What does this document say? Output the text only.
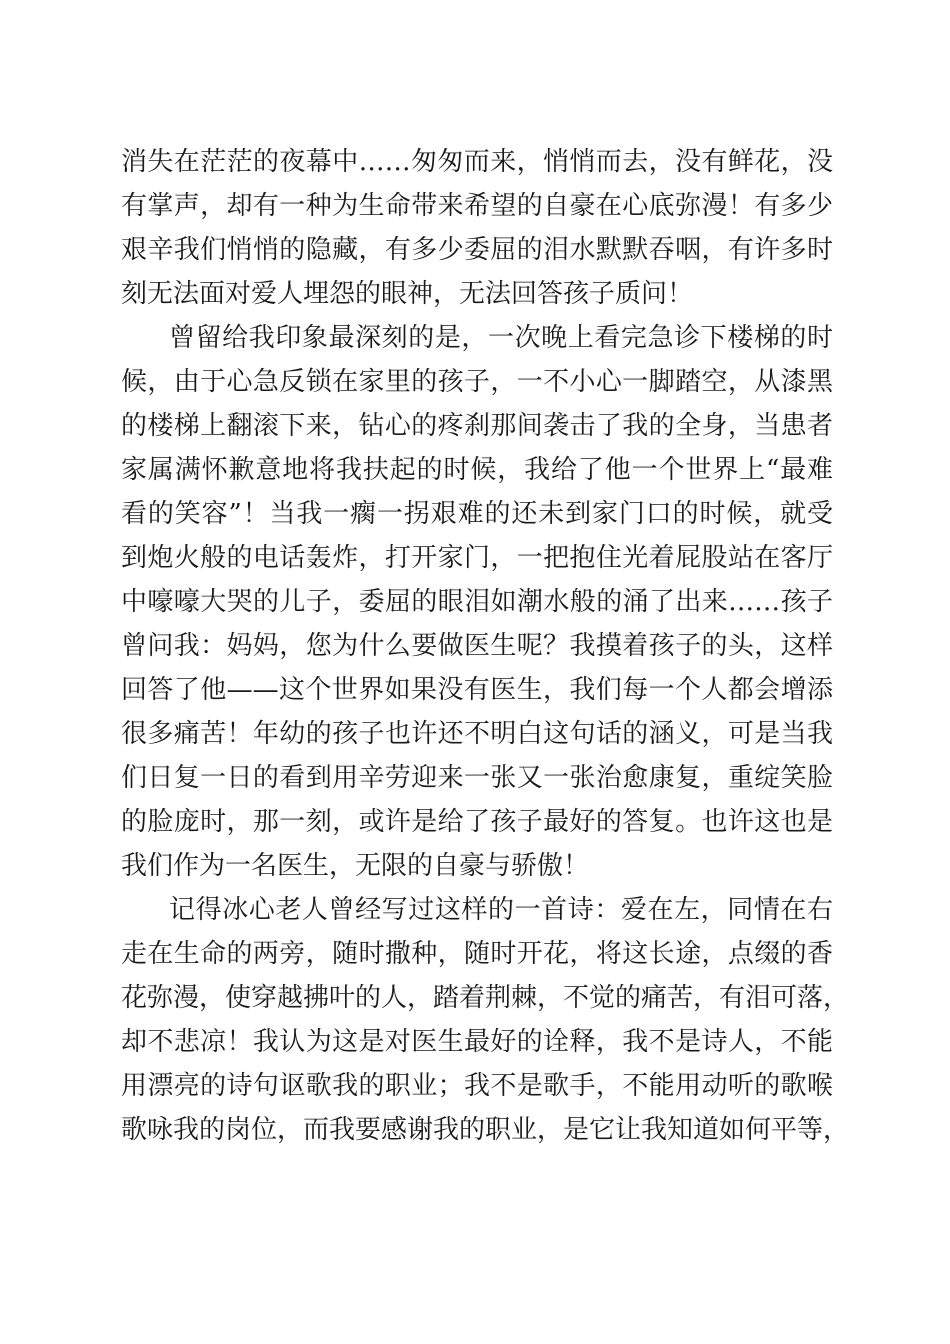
消失在茫茫的夜幕中……匆匆而来，悄悄而去，没有鲜花，没
有掌声，却有一种为生命带来希望的自豪在心底弥漫！有多少
艰辛我们悄悄的隐藏，有多少委屈的泪水默默吞咽，有许多时
刻无法面对爱人埋怨的眼神，无法回答孩子质问！
曾留给我印象最深刻的是，一次晚上看完急诊下楼梯的时
候，由于心急反锁在家里的孩子，一不小心一脚踏空，从漆黑
的楼梯上翻滚下来，钻心的疼刹那间袭击了我的全身，当患者
家属满怀歉意地将我扶起的时候，我给了他一个世界上“最难
看的笑容”！当我一瘸一拐艰难的还未到家门口的时候，就受
到炮火般的电话轰炸，打开家门，一把抱住光着屁股站在客厅
中嚎嚎大哭的儿子，委屈的眼泪如潮水般的涌了出来……孩子
曾问我：妈妈，您为什么要做医生呢？我摸着孩子的头，这样
回答了他——这个世界如果没有医生，我们每一个人都会增添
很多痛苦！年幼的孩子也许还不明白这句话的涵义，可是当我
们日复一日的看到用辛劳迎来一张又一张治愈康复，重绽笑脸
的脸庞时，那一刻，或许是给了孩子最好的答复。也许这也是
我们作为一名医生，无限的自豪与骄傲！
记得冰心老人曾经写过这样的一首诗：爱在左，同情在右
走在生命的两旁，随时撒种，随时开花，将这长途，点缀的香
花弥漫，使穿越拂叶的人，踏着荆棘，不觉的痛苦，有泪可落，
却不悲凉！我认为这是对医生最好的诠释，我不是诗人，不能
用漂亮的诗句讴歌我的职业；我不是歌手，不能用动听的歌喉
歌咏我的岗位，而我要感谢我的职业，是它让我知道如何平等，
